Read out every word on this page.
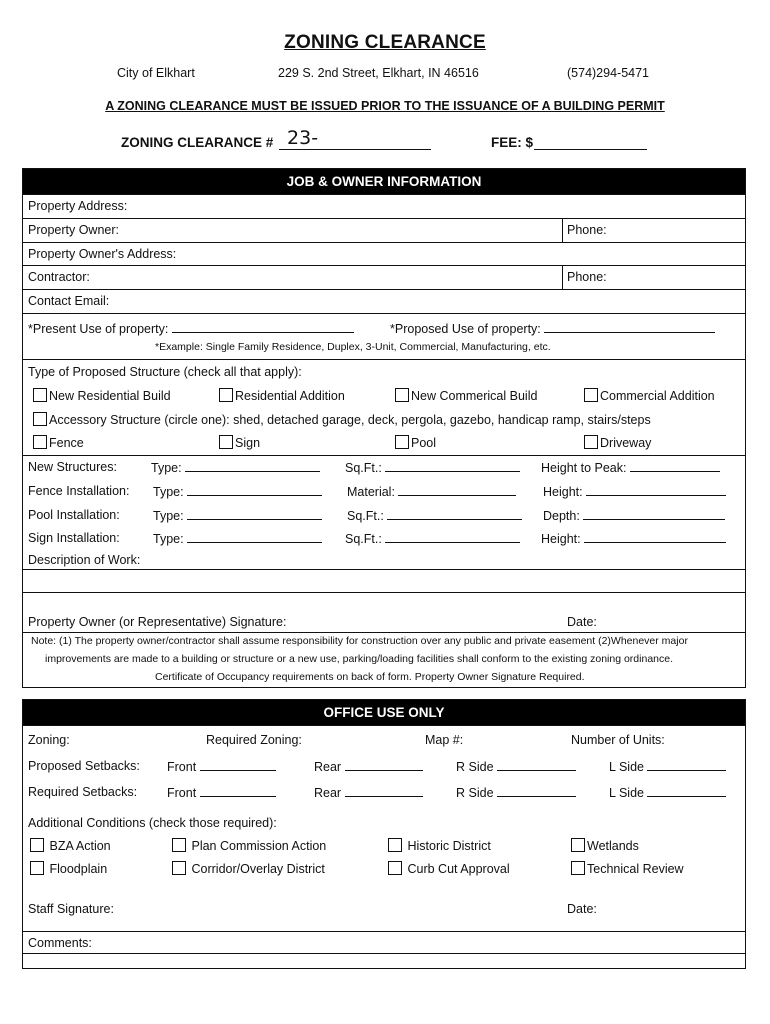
ZONING CLEARANCE
City of Elkhart	229 S. 2nd Street, Elkhart, IN 46516	(574)294-5471
A ZONING CLEARANCE MUST BE ISSUED PRIOR TO THE ISSUANCE OF A BUILDING PERMIT
ZONING CLEARANCE # 23-	FEE: $
JOB & OWNER INFORMATION
Property Address:
Property Owner:	Phone:
Property Owner's Address:
Contractor:	Phone:
Contact Email:
*Present Use of property:	*Proposed Use of property:
*Example: Single Family Residence, Duplex, 3-Unit, Commercial, Manufacturing, etc.
Type of Proposed Structure (check all that apply):
New Residential Build	Residential Addition	New Commerical Build	Commercial Addition
Accessory Structure (circle one): shed, detached garage, deck, pergola, gazebo, handicap ramp, stairs/steps
Fence	Sign	Pool	Driveway
New Structures:	Type:	Sq.Ft.:	Height to Peak:
Fence Installation: Type:	Material:	Height:
Pool Installation:	Type:	Sq.Ft.:	Depth:
Sign Installation:	Type:	Sq.Ft.:	Height:
Description of Work:
Property Owner (or Representative) Signature:	Date:
Note: (1) The property owner/contractor shall assume responsibility for construction over any public and private easement (2)Whenever major
improvements are made to a building or structure or a new use, parking/loading facilities shall conform to the existing zoning ordinance.
Certificate of Occupancy requirements on back of form. Property Owner Signature Required.
OFFICE USE ONLY
Zoning:	Required Zoning:	Map #:	Number of Units:
Proposed Setbacks: Front	Rear	R Side	L Side
Required Setbacks: Front	Rear	R Side	L Side
Additional Conditions (check those required):
BZA Action	Plan Commission Action	Historic District	Wetlands
Floodplain	Corridor/Overlay District	Curb Cut Approval	Technical Review
Staff Signature:	Date:
Comments:
